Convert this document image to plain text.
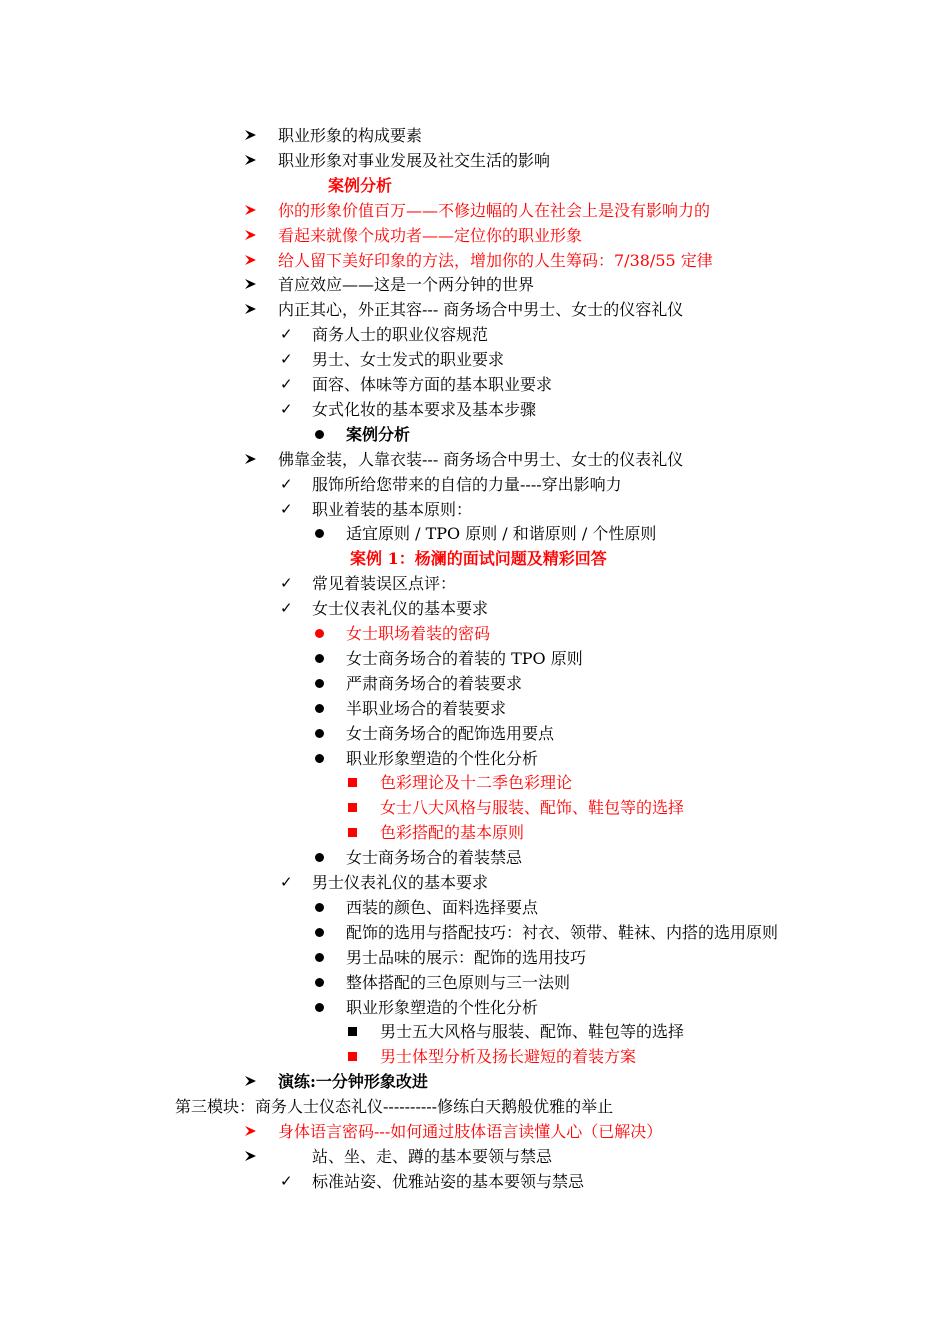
职业形象的构成要素
职业形象对事业发展及社交生活的影响
案例分析
你的形象价值百万——不修边幅的人在社会上是没有影响力的
看起来就像个成功者——定位你的职业形象
给人留下美好印象的方法，增加你的人生筹码：7/38/55 定律
首应效应——这是一个两分钟的世界
内正其心，外正其容--- 商务场合中男士、女士的仪容礼仪
✓ 商务人士的职业仪容规范
✓ 男士、女士发式的职业要求
✓ 面容、体味等方面的基本职业要求
✓ 女式化妆的基本要求及基本步骤
案例分析
佛靠金装，人靠衣装--- 商务场合中男士、女士的仪表礼仪
✓ 服饰所给您带来的自信的力量----穿出影响力
✓ 职业着装的基本原则：
适宜原则 / TPO 原则 / 和谐原则 / 个性原则
案例 1：杨澜的面试问题及精彩回答
✓ 常见着装误区点评：
✓ 女士仪表礼仪的基本要求
女士职场着装的密码
女士商务场合的着装的 TPO 原则
严肃商务场合的着装要求
半职业场合的着装要求
女士商务场合的配饰选用要点
职业形象塑造的个性化分析
色彩理论及十二季色彩理论
女士八大风格与服装、配饰、鞋包等的选择
色彩搭配的基本原则
女士商务场合的着装禁忌
✓ 男士仪表礼仪的基本要求
西装的颜色、面料选择要点
配饰的选用与搭配技巧：衬衣、领带、鞋袜、内搭的选用原则
男士品味的展示：配饰的选用技巧
整体搭配的三色原则与三一法则
职业形象塑造的个性化分析
男士五大风格与服装、配饰、鞋包等的选择
男士体型分析及扬长避短的着装方案
演练:一分钟形象改进
第三模块：商务人士仪态礼仪----------修练白天鹅般优雅的举止
身体语言密码---如何通过肢体语言读懂人心（已解决）
站、坐、走、蹲的基本要领与禁忌
✓ 标准站姿、优雅站姿的基本要领与禁忌
